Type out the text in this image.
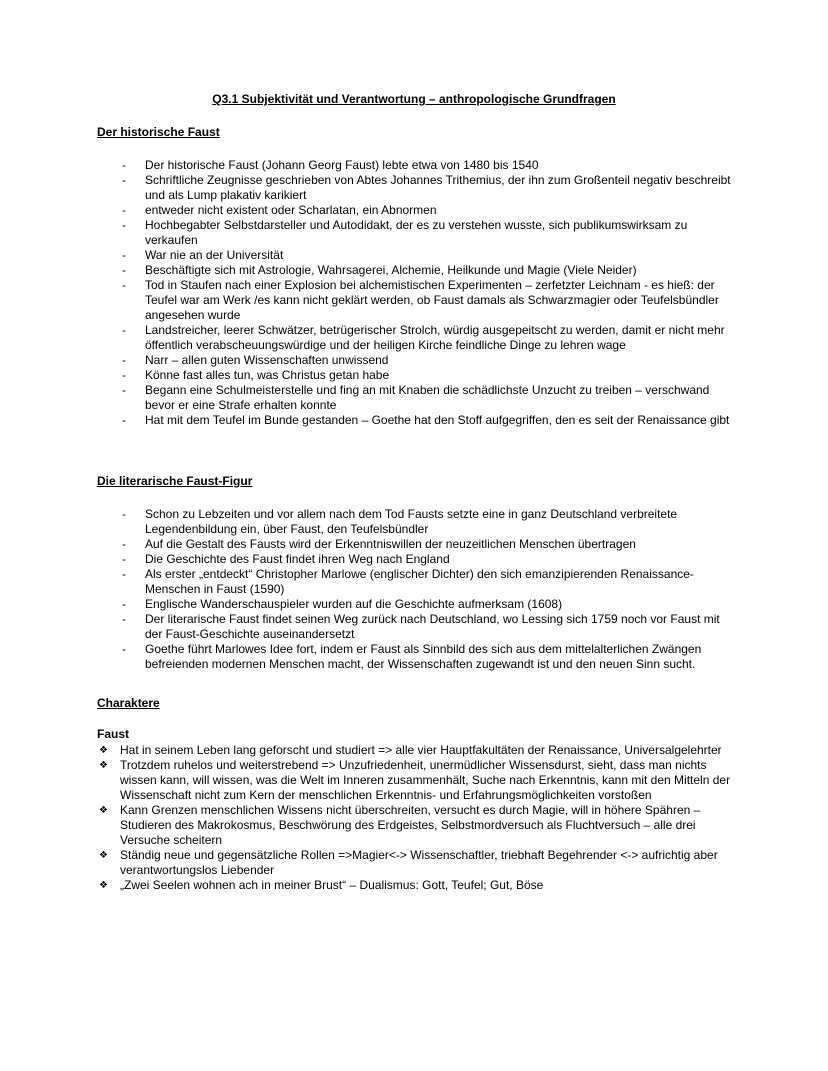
Q3.1 Subjektivität und Verantwortung – anthropologische Grundfragen
Der historische Faust
-	Der historische Faust (Johann Georg Faust) lebte etwa von 1480 bis 1540
-	Schriftliche Zeugnisse geschrieben von Abtes Johannes Trithemius, der ihn zum Großenteil negativ beschreibt und als Lump plakativ karikiert
-	entweder nicht existent oder Scharlatan, ein Abnormen
-	Hochbegabter Selbstdarsteller und Autodidakt, der es zu verstehen wusste, sich publikumswirksam zu verkaufen
-	War nie an der Universität
-	Beschäftigte sich mit Astrologie, Wahrsagerei, Alchemie, Heilkunde und Magie (Viele Neider)
-	Tod in Staufen nach einer Explosion bei alchemistischen Experimenten – zerfetzter Leichnam - es hieß: der Teufel war am Werk /es kann nicht geklärt werden, ob Faust damals als Schwarzmagier oder Teufelsbündler angesehen wurde
-	Landstreicher, leerer Schwätzer, betrügerischer Strolch, würdig ausgepeitscht zu werden, damit er nicht mehr öffentlich verabscheuungswürdige und der heiligen Kirche feindliche Dinge zu lehren wage
-	Narr – allen guten Wissenschaften unwissend
-	Könne fast alles tun, was Christus getan habe
-	Begann eine Schulmeisterstelle und fing an mit Knaben die schädlichste Unzucht zu treiben – verschwand bevor er eine Strafe erhalten konnte
-	Hat mit dem Teufel im Bunde gestanden – Goethe hat den Stoff aufgegriffen, den es seit der Renaissance gibt
Die literarische Faust-Figur
-	Schon zu Lebzeiten und vor allem nach dem Tod Fausts setzte eine in ganz Deutschland verbreitete Legendenbildung ein, über Faust, den Teufelsbündler
-	Auf die Gestalt des Fausts wird der Erkenntniswillen der neuzeitlichen Menschen übertragen
-	Die Geschichte des Faust findet ihren Weg nach England
-	Als erster „entdeckt“ Christopher Marlowe (englischer Dichter) den sich emanzipierenden Renaissance-Menschen in Faust (1590)
-	Englische Wanderschauspieler wurden auf die Geschichte aufmerksam (1608)
-	Der literarische Faust findet seinen Weg zurück nach Deutschland, wo Lessing sich 1759 noch vor Faust mit der Faust-Geschichte auseinandersetzt
-	Goethe führt Marlowes Idee fort, indem er Faust als Sinnbild des sich aus dem mittelalterlichen Zwängen befreienden modernen Menschen macht, der Wissenschaften zugewandt ist und den neuen Sinn sucht.
Charaktere
Faust
❖	Hat in seinem Leben lang geforscht und studiert => alle vier Hauptfakultäten der Renaissance, Universalgelehrter
❖	Trotzdem ruhelos und weiterstrebend => Unzufriedenheit, unermüdlicher Wissensdurst, sieht, dass man nichts wissen kann, will wissen, was die Welt im Inneren zusammenhält, Suche nach Erkenntnis, kann mit den Mitteln der Wissenschaft nicht zum Kern der menschlichen Erkenntnis- und Erfahrungsmöglichkeiten vorstoßen
❖	Kann Grenzen menschlichen Wissens nicht überschreiten, versucht es durch Magie, will in höhere Spähren – Studieren des Makrokosmus, Beschwörung des Erdgeistes, Selbstmordversuch als Fluchtversuch – alle drei Versuche scheitern
❖	Ständig neue und gegensätzliche Rollen =>Magier<-> Wissenschaftler, triebhaft Begehrender <-> aufrichtig aber verantwortungslos Liebender
❖	„Zwei Seelen wohnen ach in meiner Brust“ – Dualismus: Gott, Teufel; Gut, Böse
